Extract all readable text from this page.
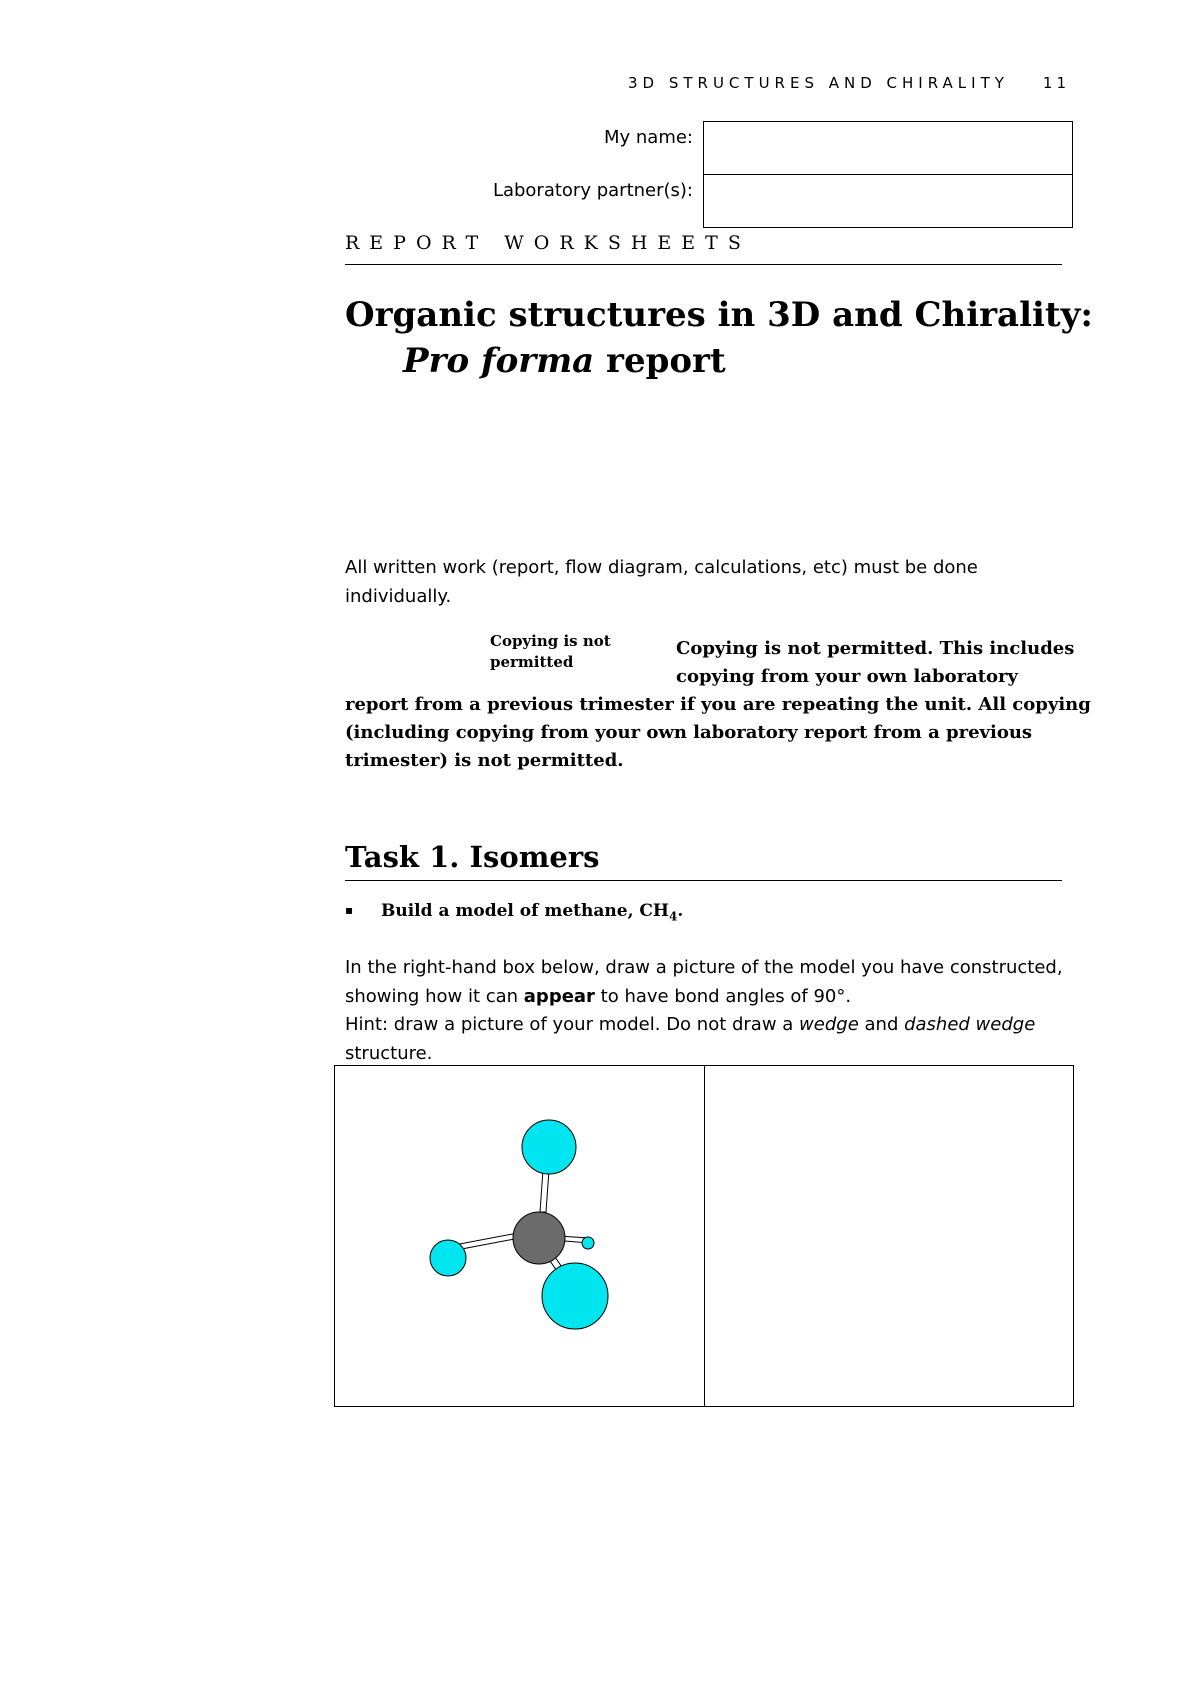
3D STRUCTURES AND CHIRALITY 11
My name:
Laboratory partner(s):
REPORT WORKSHEETS
Organic structures in 3D and Chirality:
Pro forma report
All written work (report, flow diagram, calculations, etc) must be done
individually.
Copying is not
permitted
Copying is not permitted. This includes
copying from your own laboratory
report from a previous trimester if you are repeating the unit. All copying
(including copying from your own laboratory report from a previous
trimester) is not permitted.
Task 1. Isomers
▪ Build a model of methane, $CH_4$.
In the right-hand box below, draw a picture of the model you have constructed,
showing how it can appear to have bond angles of 90°.
Hint: draw a picture of your model. Do not draw a wedge and dashed wedge
structure.
